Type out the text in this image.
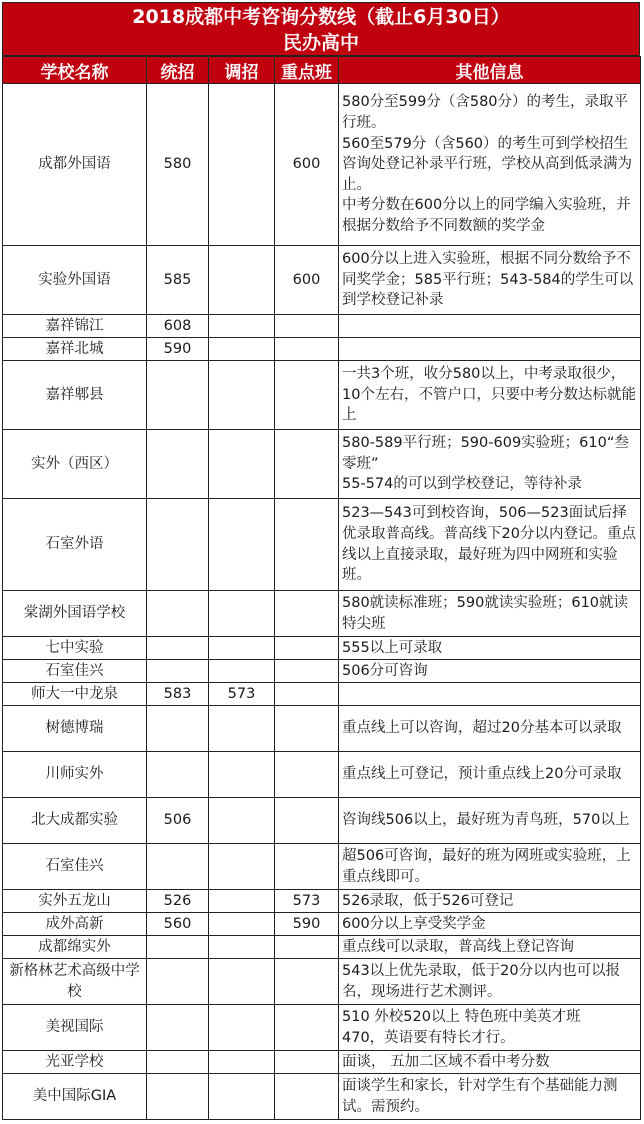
2018成都中考咨询分数线（截止6月30日）
民办高中
学校名称	统招	调招	重点班	其他信息
成都外国语	580		600	580分至599分（含580分）的考生，录取平行班。
560至579分（含560）的考生可到学校招生咨询处登记补录平行班，学校从高到低录满为止。
中考分数在600分以上的同学编入实验班，并根据分数给予不同数额的奖学金

实验外国语	585		600	600分以上进入实验班，根据不同分数给予不同奖学金；585平行班；543-584的学生可以到学校登记补录

嘉祥锦江	608			
嘉祥北城	590			
嘉祥郫县				一共3个班，收分580以上，中考录取很少，10个左右，不管户口，只要中考分数达标就能上

实外（西区）				580-589平行班；590-609实验班；610“叁零班”
55-574的可以到学校登记，等待补录

石室外语				523—543可到校咨询，506—523面试后择优录取普高线。普高线下20分以内登记。重点线以上直接录取，最好班为四中网班和实验班。

棠湖外国语学校				580就读标准班；590就读实验班；610就读特尖班

七中实验				555以上可录取

石室佳兴				506分可咨询

师大一中龙泉	583	573		
树德博瑞				重点线上可以咨询，超过20分基本可以录取

川师实外				重点线上可登记，预计重点线上20分可录取

北大成都实验	506			咨询线506以上，最好班为青鸟班，570以上

石室佳兴				超506可咨询，最好的班为网班或实验班，上重点线即可。

实外五龙山	526		573	526录取，低于526可登记

成外高新	560		590	600分以上享受奖学金

成都绵实外				重点线可以录取，普高线上登记咨询

新格林艺术高级中学校				543以上优先录取，低于20分以内也可以报名，现场进行艺术测评。

美视国际				510 外校520以上 特色班中美英才班
470，英语要有特长才行。

光亚学校				面谈， 五加二区域不看中考分数

美中国际GIA				面谈学生和家长，针对学生有个基础能力测试。需预约。
